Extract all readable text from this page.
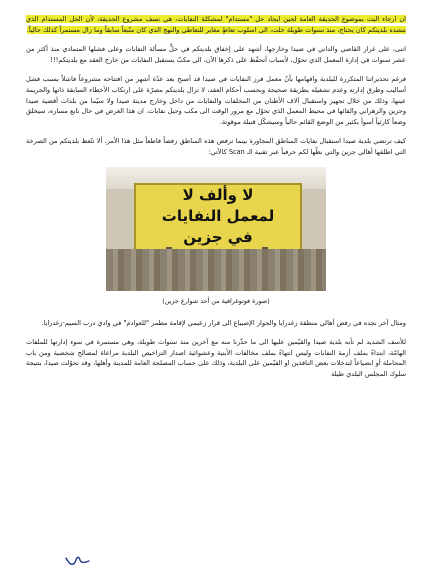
ان ارجاء البت بموضوع الحديقة العامة لحين ايجاد حل "مستدام" لمشكلة النفايات، هي نسف مشروع الحديقة، لأن الحل المستدام الذي تنشده بلديتكم كان يحتاج، منذ سنوات طويلة خلت، الى اسلوب تعاطٍ مغاير للتعاطي والنهج الذي كان متّبعاً سابقاً وما زال مستمراً كذلك حالياً.

اننى، على غرار القاصي والداني في صيدا وخارجها، أشهد على إخفاق بلديتكم في حلٍّ مسألة النفايات وعلى فشلها المتمادي منذ أكثر من عشر سنوات في إدارة المعمل الذي تحوّل، لأسباب أتحفّظ على ذكرها الآن، الى مكبّ يستقبل النفايات من خارج العقد مع بلديتكم!!!

فرغم تحذيراتنا المتكررة للبلدية وافهامها بأنّ معمل فرز النفايات في صيدا قد أصبح بعد عدّة أشهر من افتتاحه مشروعاً فاشلاً بسبب فشل أساليب وطرق إدارته وعدم تشغيله بطريقة صحيحة وبحسب أحكام العقد، لا تزال بلديتكم مصرّة على ارتكاب الأخطاء السابقة ذاتها والجريمة عينها، وذلك من خلال تجهيز واستقبال آلاف الأطنان من المخلفات والنفايات من داخل وخارج مدينة صيدا ولا سيّما من بلدات أقضية صيدا وجزين والزهراني والقائها في محيط المعمل الذي تحوّل مع مرور الوقت الى مكب وجبل نفايات. ان هذا الغرض في حال تابع مساره، سيخلق وضعاً كارثياً أسوأ بكثير من الوضع القائم حالياً وسيشكّل قنبلة موقوتة.

كيف ترتضي بلدية صيدا استقبال نفايات المناطق المجاورة بينما ترفض هذه المناطق رفضاً قاطعاً مثل هذا الأمر. ألا تتّعظ بلديتكم من الصرخة التي اطلقها أهالي جزين والتي نظّها لكم حرفياً عبر تقنية الـ Scan كالآتي:

لا وألف لا
لمعمل النفايات
في جزين
(صورة فوتوغرافية من أحد شوارع جزين)

ومثال آخر نجده في رفض أهالي منطقة زغدرايا والجوار الإصبياع الى قرار زعيمي لإقامة مطمر "للعوادم" في وادي درب السيم-زغدرايا.

للأسف الشديد لم تأبه بلدية صيدا والقيّمين عليها الى ما حذّرنا منه مع آخرين منذ سنوات طويلة، وهي مستمرة في سوء إدارتها للملفات الهامّة، ابتداءً بملف أزمة النفايات وليس انتهاءً بملف مخالفات الأبنية وعشوائية اصدار التراخيص البلدية مراعاة لمصالح شخصية ومن باب المجاملة أو انصياعاً لتدخلات بعض النافذين او القيّمين على البلدية، وذلك على حساب المصلحة العامة للمدينة وأهلها، وقد تحوّلت صيدا، بنتيجة سلوك المجلس البلدي طيلة
